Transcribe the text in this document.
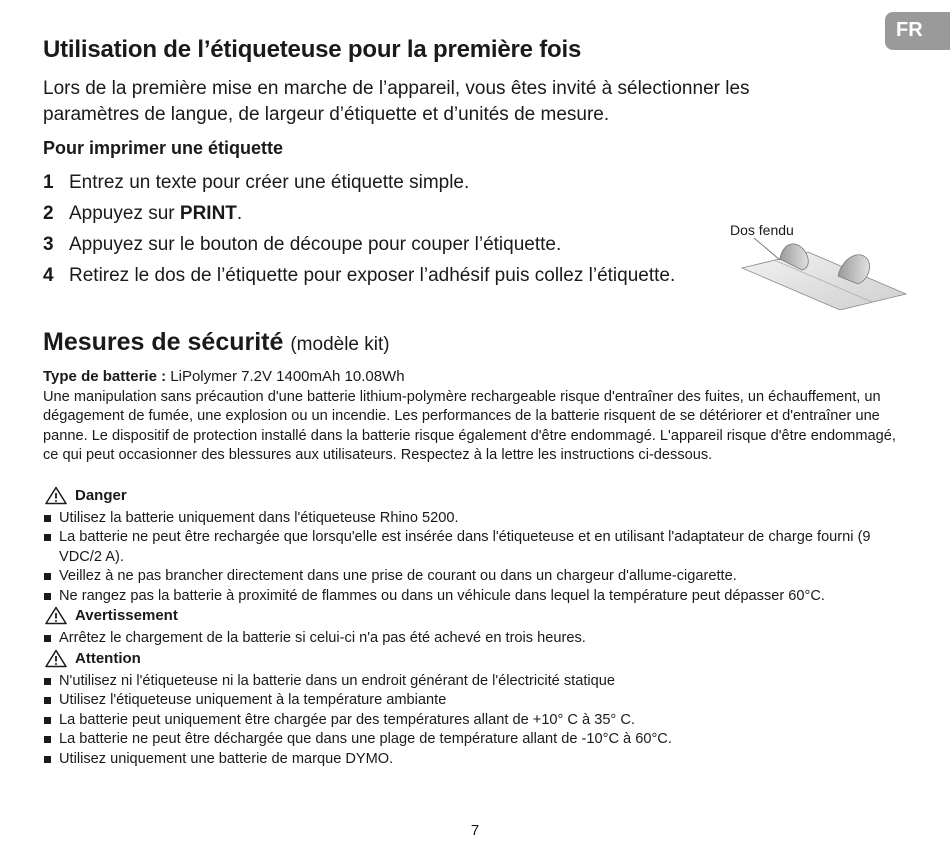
FR
Utilisation de l’étiqueteuse pour la première fois

Lors de la première mise en marche de l’appareil, vous êtes invité à sélectionner les paramètres de langue, de largeur d’étiquette et d’unités de mesure.

Pour imprimer une étiquette
1 Entrez un texte pour créer une étiquette simple.
2 Appuyez sur PRINT.
3 Appuyez sur le bouton de découpe pour couper l’étiquette.
4 Retirez le dos de l’étiquette pour exposer l’adhésif puis collez l’étiquette.
Dos fendu
Mesures de sécurité (modèle kit)

Type de batterie : LiPolymer 7.2V 1400mAh 10.08Wh

Une manipulation sans précaution d'une batterie lithium-polymère rechargeable risque d'entraîner des fuites, un échauffement, un dégagement de fumée, une explosion ou un incendie. Les performances de la batterie risquent de se détériorer et d'entraîner une panne. Le dispositif de protection installé dans la batterie risque également d'être endommagé. L'appareil risque d'être endommagé, ce qui peut occasionner des blessures aux utilisateurs. Respectez à la lettre les instructions ci-dessous.

Danger
Utilisez la batterie uniquement dans l'étiqueteuse Rhino 5200.
La batterie ne peut être rechargée que lorsqu'elle est insérée dans l'étiqueteuse et en utilisant l'adaptateur de charge fourni (9 VDC/2 A).
Veillez à ne pas brancher directement dans une prise de courant ou dans un chargeur d'allume-cigarette.
Ne rangez pas la batterie à proximité de flammes ou dans un véhicule dans lequel la température peut dépasser 60°C.
Avertissement
Arrêtez le chargement de la batterie si celui-ci n'a pas été achevé en trois heures.
Attention
N'utilisez ni l'étiqueteuse ni la batterie dans un endroit générant de l'électricité statique
Utilisez l'étiqueteuse uniquement à la température ambiante
La batterie peut uniquement être chargée par des températures allant de +10° C à 35° C.
La batterie ne peut être déchargée que dans une plage de température allant de -10°C à 60°C.
Utilisez uniquement une batterie de marque DYMO.
7
